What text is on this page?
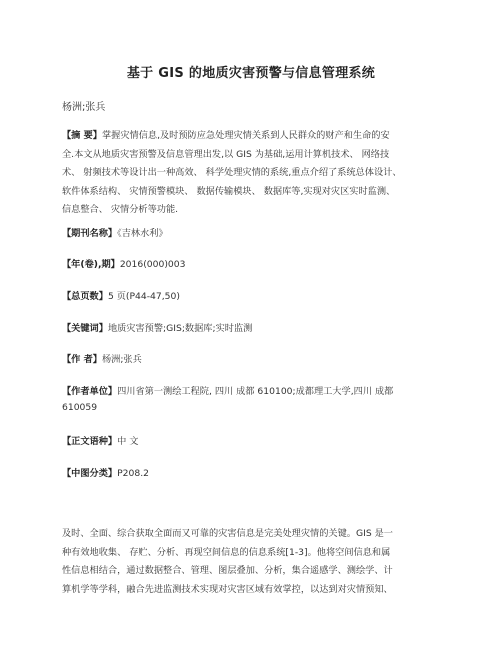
基于 GIS 的地质灾害预警与信息管理系统
杨洲;张兵
【摘 要】掌握灾情信息,及时预防应急处理灾情关系到人民群众的财产和生命的安
全.本文从地质灾害预警及信息管理出发,以 GIS 为基础,运用计算机技术、 网络技
术、 射频技术等设计出一种高效、 科学处理灾情的系统,重点介绍了系统总体设计、
软件体系结构、 灾情预警模块、 数据传输模块、 数据库等,实现对灾区实时监测、
信息整合、 灾情分析等功能.
【期刊名称】《吉林水利》
【年(卷),期】2016(000)003
【总页数】5 页(P44-47,50)
【关键词】地质灾害预警;GIS;数据库;实时监测
【作 者】杨洲;张兵
【作者单位】四川省第一测绘工程院, 四川 成都 610100;成都理工大学,四川 成都
610059
【正文语种】中 文
【中图分类】P208.2
及时、全面、综合获取全面而又可靠的灾害信息是完美处理灾情的关键。GIS 是一
种有效地收集、 存贮、分析、再现空间信息的信息系统[1-3]。他将空间信息和属
性信息相结合，通过数据整合、管理、图层叠加、分析，集合遥感学、测绘学、计
算机学等学科，融合先进监测技术实现对灾害区域有效掌控，以达到对灾情预知、
